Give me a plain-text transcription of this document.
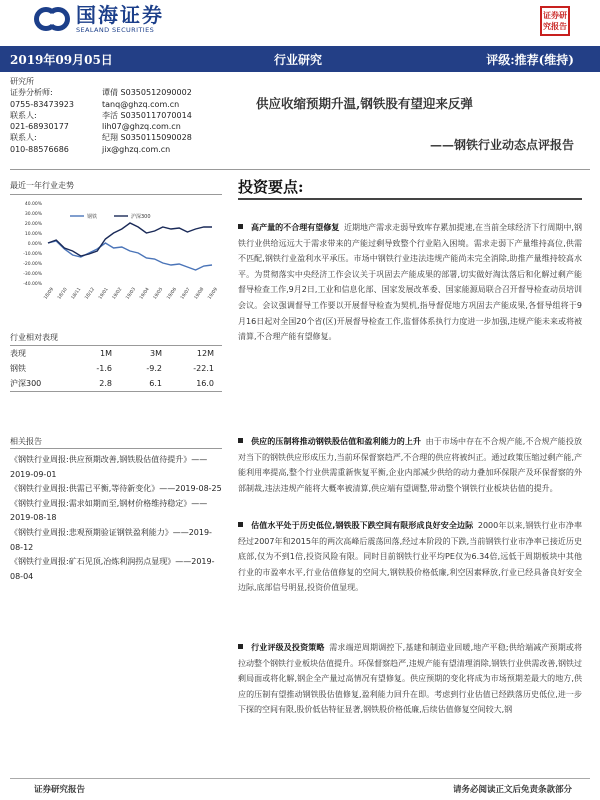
国海证券
SEALAND SECURITIES
证券研究报告
2019年09月05日	行业研究	评级:推荐(维持)
研究所
证券分析师:	谭倩 S0350512090002
0755-83473923	tanq@ghzq.com.cn
联系人:	李活 S0350117070014
021-68930177	lih07@ghzq.com.cn
联系人:	纪翔 S0350115090028
010-88576686	jix@ghzq.com.cn
供应收缩预期升温,钢铁股有望迎来反弹
——钢铁行业动态点评报告
最近一年行业走势
40.00%
30.00%
20.00%
10.00%
0.00%
-10.00%
-20.00%
-30.00%
-40.00%
18/09 18/10 18/11 18/12 19/01 19/02 19/03 19/04 19/05 19/06 19/07 19/08 19/09
钢铁	沪深300
行业相对表现
表现	1M	3M	12M
钢铁	-1.6	-9.2	-22.1
沪深300	2.8	6.1	16.0
相关报告
《钢铁行业周报:供应预期改善,钢铁股估值待提升》——2019-09-01
《钢铁行业周报:供需已平衡,等待新变化》——2019-08-25
《钢铁行业周报:需求如期而至,钢材价格维持稳定》——2019-08-18
《钢铁行业周报:悲观预期验证钢铁盈利能力》——2019-08-12
《钢铁行业周报:矿石见顶,冶炼利润拐点显现》——2019-08-04
投资要点:
高产量的不合理有望修复 近期地产需求走弱导致库存累加提速,在当前全球经济下行周期中,钢铁行业供给远远大于需求带来的产能过剩导致整个行业陷入困境。需求走弱下产量维持高位,供需不匹配,钢铁行业盈利水平承压。市场中钢铁行业违法违规产能尚未完全消除,助推产量维持较高水平。为贯彻落实中央经济工作会议关于巩固去产能成果的部署,切实做好淘汰落后和化解过剩产能督导检查工作,9月2日,工业和信息化部、国家发展改革委、国家能源局联合召开督导检查动员培训会议。会议强调督导工作要以开展督导检查为契机,指导督促地方巩固去产能成果,各督导组将于9月16日起对全国20个省(区)开展督导检查工作,监督体系执行力度进一步加强,违规产能未来或将被清算,不合理产能有望修复。
供应的压制将推动钢铁股估值和盈利能力的上升 由于市场中存在不合规产能,不合规产能投放对当下的钢铁供应形成压力,当前环保督察趋严,不合理的供应将被纠正。通过政策压缩过剩产能,产能利用率提高,整个行业供需重新恢复平衡,企业内部减少供给的动力叠加环保限产及环保督察的外部制裁,违法违规产能将大概率被清算,供应端有望调整,带动整个钢铁行业板块估值的提升。
估值水平处于历史低位,钢铁股下跌空间有限形成良好安全边际 2000年以来,钢铁行业市净率经过2007年和2015年的两次高峰后震荡回落,经过本阶段的下跌,当前钢铁行业市净率已接近历史底部,仅为不到1倍,投资风险有限。同时目前钢铁行业平均PE仅为6.34倍,远低于周期板块中其他行业的市盈率水平,行业估值修复的空间大,钢铁股价格低廉,利空因素释放,行业已经具备良好安全边际,底部信号明显,投资价值显现。
行业评级及投资策略 需求端逆周期调控下,基建和制造业回暖,地产平稳;供给端减产预期或将拉动整个钢铁行业板块估值提升。环保督察趋严,违规产能有望清理消除,钢铁行业供需改善,钢铁过剩局面或将化解,钢企全产量过高情况有望修复。供应预期的变化将成为市场预期差最大的地方,供应的压制有望推动钢铁股估值修复,盈利能力回升在即。考虑到行业估值已经跌落历史低位,进一步下探的空间有限,股价低估特征显著,钢铁股价格低廉,后续估值修复空间较大,钢
证券研究报告	请务必阅读正文后免责条款部分
